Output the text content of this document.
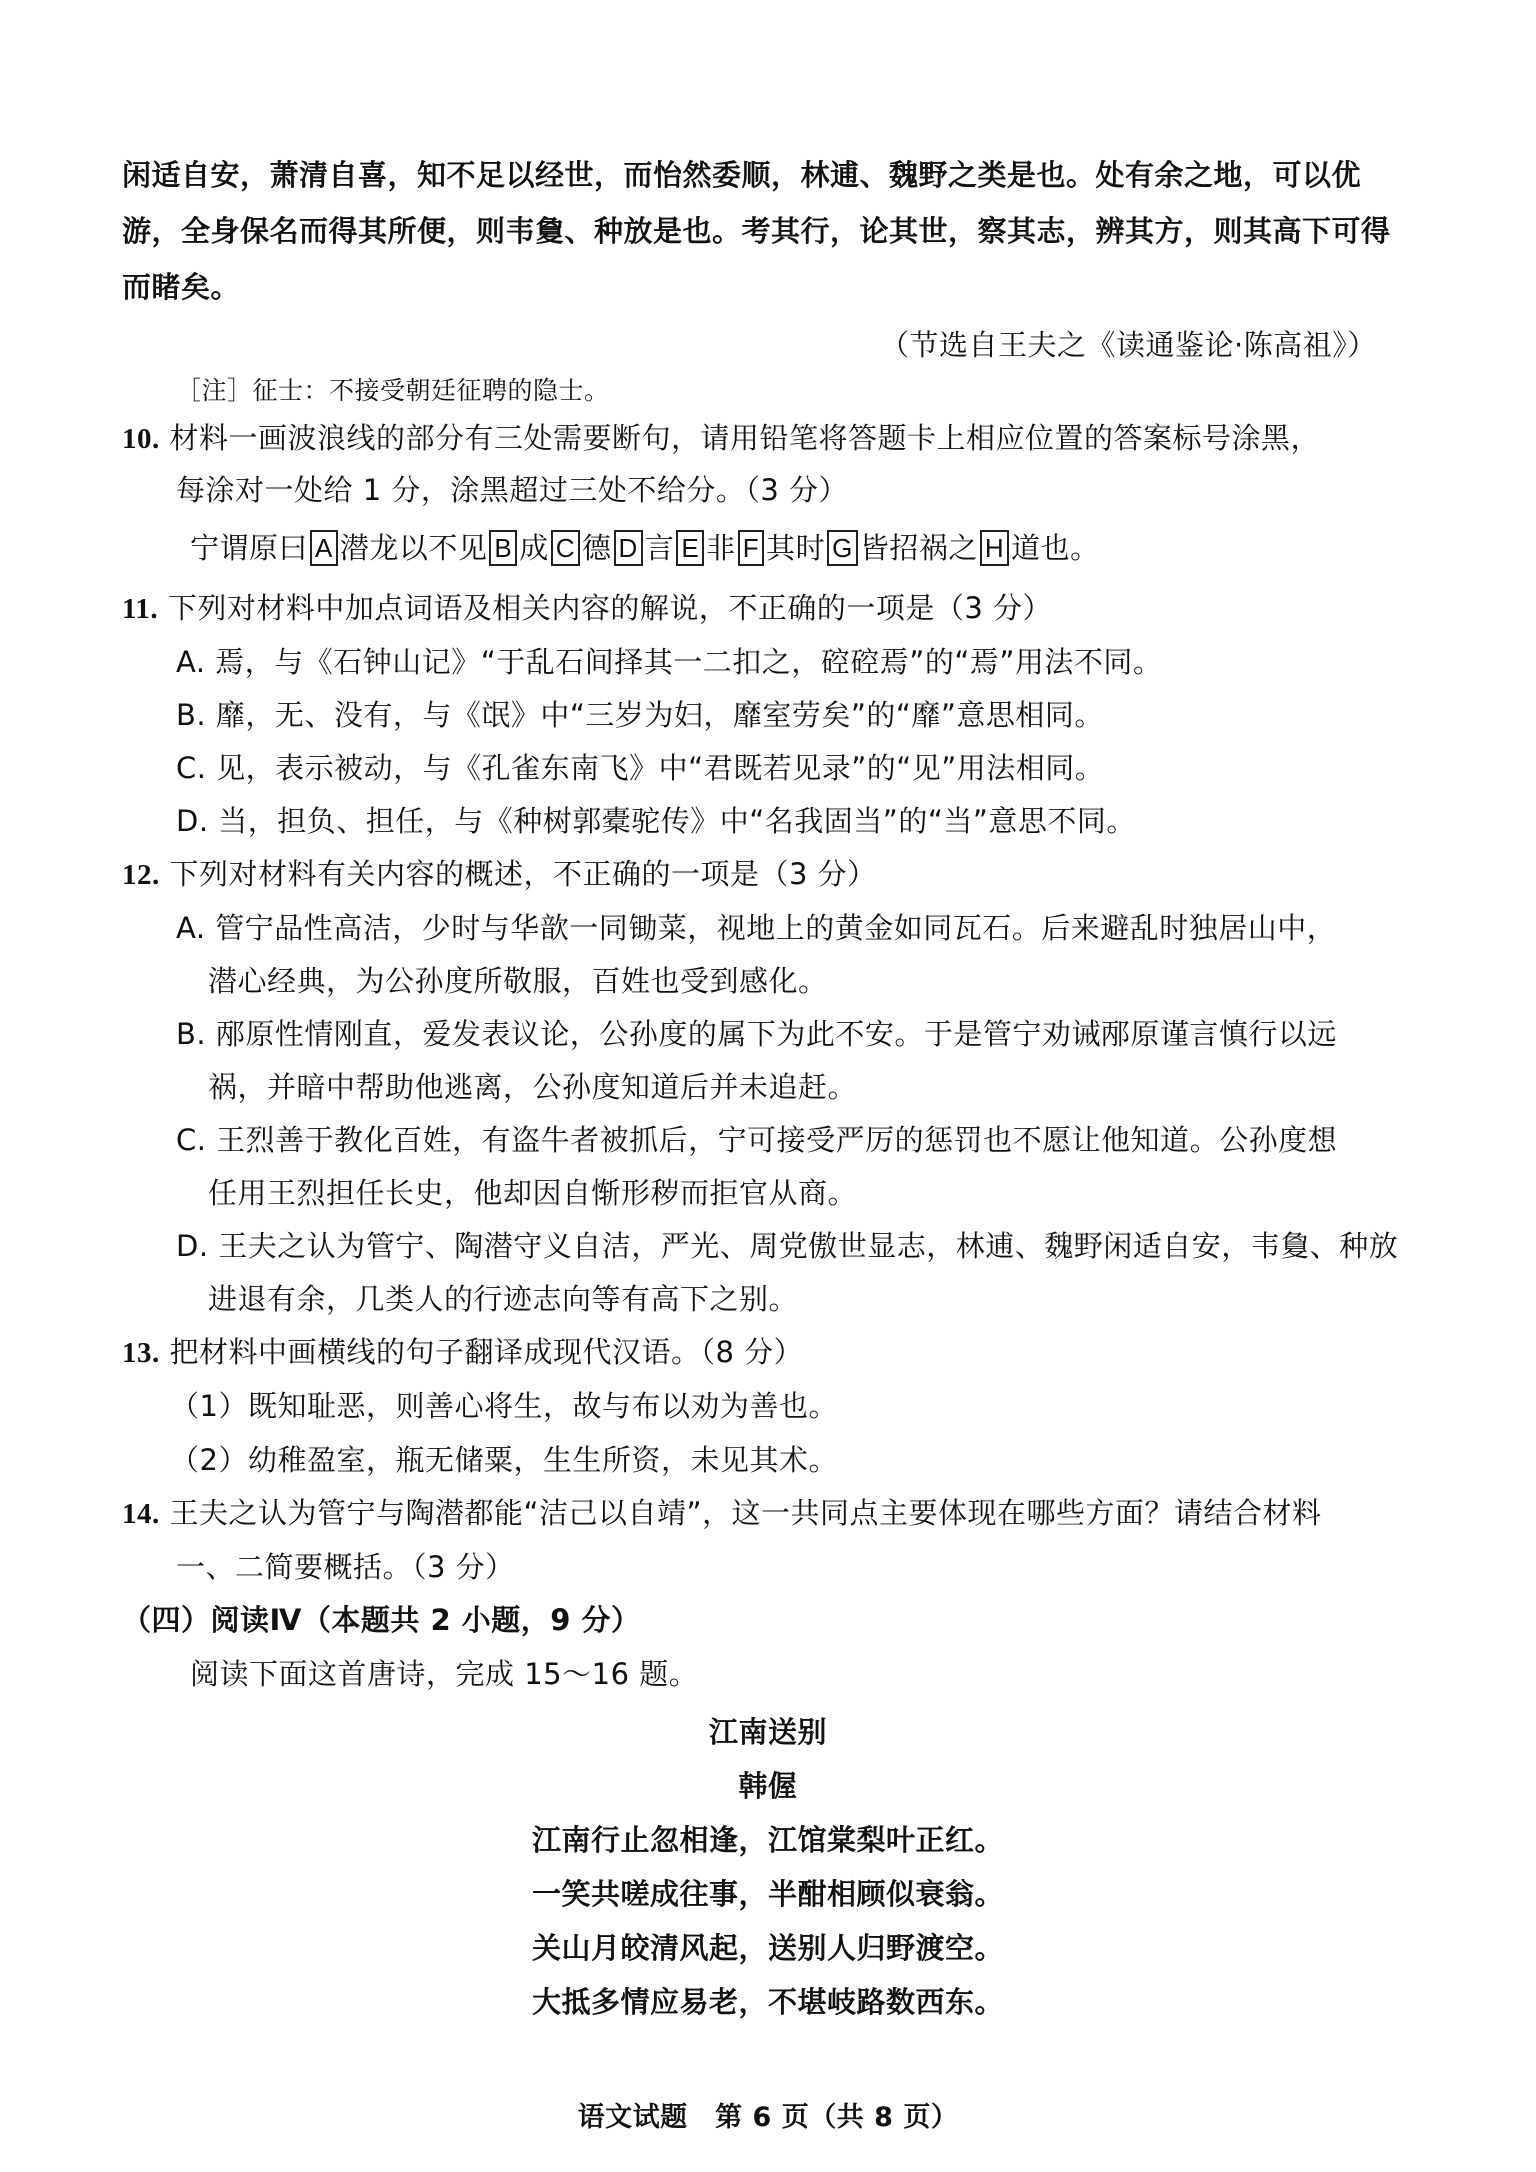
闲适自安，萧清自喜，知不足以经世，而怡然委顺，林逋、魏野之类是也。处有余之地，可以优
游，全身保名而得其所便，则韦敻、种放是也。考其行，论其世，察其志，辨其方，则其高下可得
而睹矣。
（节选自王夫之《读通鉴论·陈高祖》）
［注］征士：不接受朝廷征聘的隐士。
10. 材料一画波浪线的部分有三处需要断句，请用铅笔将答题卡上相应位置的答案标号涂黑，
每涂对一处给 1 分，涂黑超过三处不给分。（3 分）
宁谓原曰 A 潜龙以不见 B 成 C 德 D 言 E 非 F 其时 G 皆招祸之 H 道也。
11. 下列对材料中加点词语及相关内容的解说，不正确的一项是（3 分）
A. 焉，与《石钟山记》“于乱石间择其一二扣之，硿硿焉”的“焉”用法不同。
B. 靡，无、没有，与《氓》中“三岁为妇，靡室劳矣”的“靡”意思相同。
C. 见，表示被动，与《孔雀东南飞》中“君既若见录”的“见”用法相同。
D. 当，担负、担任，与《种树郭橐驼传》中“名我固当”的“当”意思不同。
12. 下列对材料有关内容的概述，不正确的一项是（3 分）
A. 管宁品性高洁，少时与华歆一同锄菜，视地上的黄金如同瓦石。后来避乱时独居山中，
潜心经典，为公孙度所敬服，百姓也受到感化。
B. 邴原性情刚直，爱发表议论，公孙度的属下为此不安。于是管宁劝诫邴原谨言慎行以远
祸，并暗中帮助他逃离，公孙度知道后并未追赶。
C. 王烈善于教化百姓，有盗牛者被抓后，宁可接受严厉的惩罚也不愿让他知道。公孙度想
任用王烈担任长史，他却因自惭形秽而拒官从商。
D. 王夫之认为管宁、陶潜守义自洁，严光、周党傲世显志，林逋、魏野闲适自安，韦敻、种放
进退有余，几类人的行迹志向等有高下之别。
13. 把材料中画横线的句子翻译成现代汉语。（8 分）
（1）既知耻恶，则善心将生，故与布以劝为善也。
（2）幼稚盈室，瓶无储粟，生生所资，未见其术。
14. 王夫之认为管宁与陶潜都能“洁己以自靖”，这一共同点主要体现在哪些方面？请结合材料
一、二简要概括。（3 分）
（四）阅读Ⅳ（本题共 2 小题，9 分）
阅读下面这首唐诗，完成 15～16 题。
江南送别
韩偓
江南行止忽相逢，江馆棠梨叶正红。
一笑共嗟成往事，半酣相顾似衰翁。
关山月皎清风起，送别人归野渡空。
大抵多情应易老，不堪岐路数西东。
语文试题　第 6 页（共 8 页）
